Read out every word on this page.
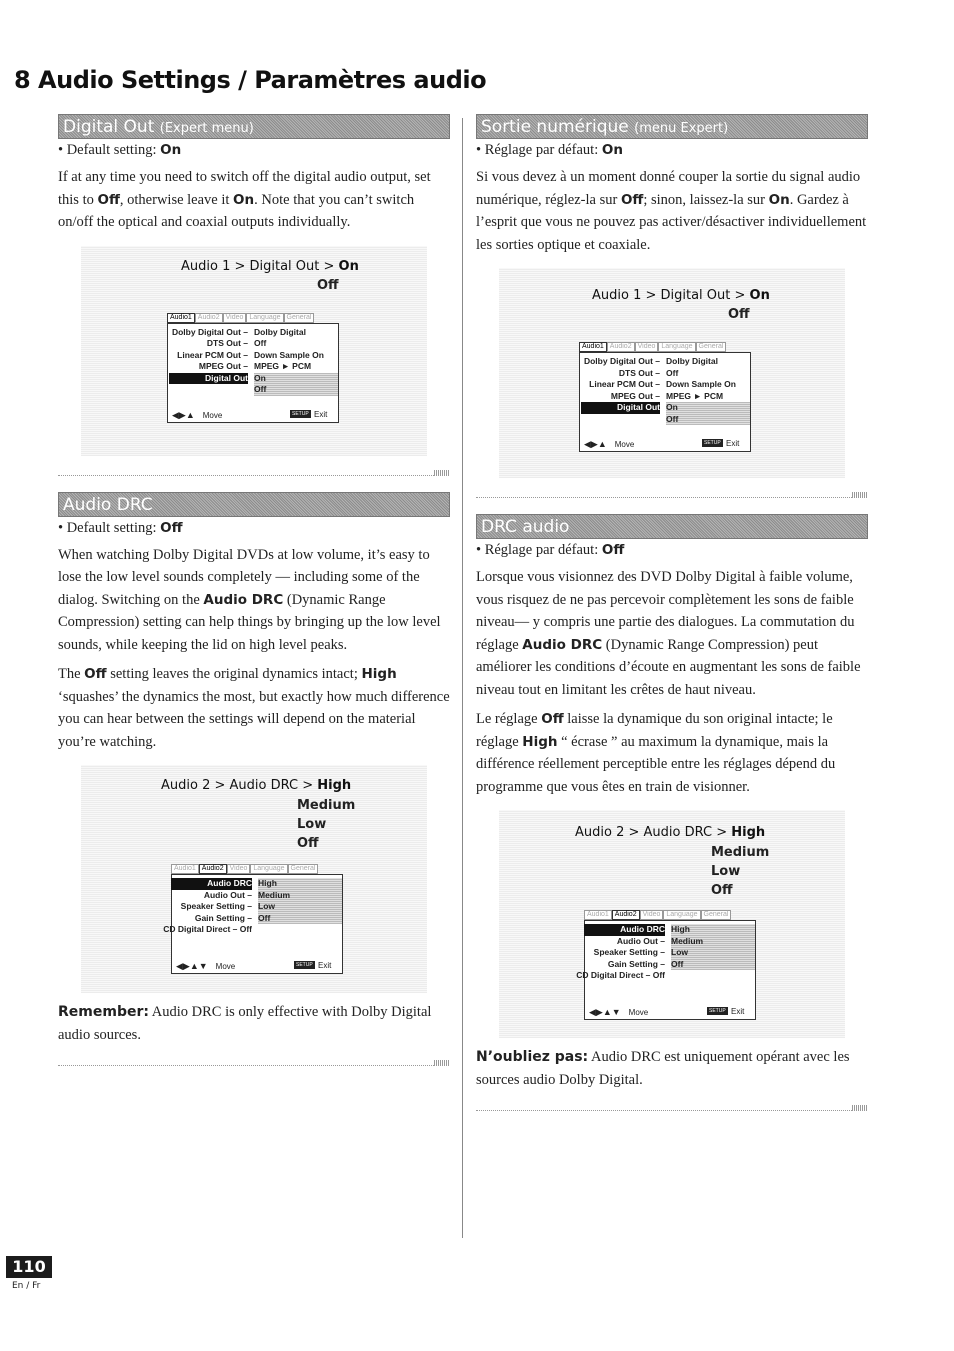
8 Audio Settings / Paramètres audio
Digital Out (Expert menu)
• Default setting: On

If at any time you need to switch off the digital audio output, set this to Off, otherwise leave it On. Note that you can’t switch on/off the optical and coaxial outputs individually.

Audio 1 > Digital Out > On
Off
Audio1 Audio2 Video Language General
Dolby Digital Out – Dolby Digital
DTS Out – Off
Linear PCM Out – Down Sample On
MPEG Out – MPEG ► PCM
Digital Out On
Off
◀▶▲ Move	SETUP Exit
Audio DRC
• Default setting: Off

When watching Dolby Digital DVDs at low volume, it’s easy to lose the low level sounds completely — including some of the dialog. Switching on the Audio DRC (Dynamic Range Compression) setting can help things by bringing up the low level sounds, while keeping the lid on high level peaks.

The Off setting leaves the original dynamics intact; High ‘squashes’ the dynamics the most, but exactly how much difference you can hear between the settings will depend on the material you’re watching.

Audio 2 > Audio DRC > High
Medium
Low
Off
Audio1 Audio2 Video Language General
Audio DRC High
Audio Out – Medium
Speaker Setting – Low
Gain Setting – Off
CD Digital Direct – Off
◀▶▲▼ Move	SETUP Exit

Remember: Audio DRC is only effective with Dolby Digital audio sources.

Sortie numérique (menu Expert)
• Réglage par défaut: On

Si vous devez à un moment donné couper la sortie du signal audio numérique, réglez-la sur Off; sinon, laissez-la sur On. Gardez à l’esprit que vous ne pouvez pas activer/désactiver individuellement les sorties optique et coaxiale.

Audio 1 > Digital Out > On
Off
Audio1 Audio2 Video Language General
Dolby Digital Out – Dolby Digital
DTS Out – Off
Linear PCM Out – Down Sample On
MPEG Out – MPEG ► PCM
Digital Out On
Off
◀▶▲ Move	SETUP Exit
DRC audio
• Réglage par défaut: Off

Lorsque vous visionnez des DVD Dolby Digital à faible volume, vous risquez de ne pas percevoir complètement les sons de faible niveau— y compris une partie des dialogues. La commutation du réglage Audio DRC (Dynamic Range Compression) peut améliorer les conditions d’écoute en augmentant les sons de faible niveau tout en limitant les crêtes de haut niveau.

Le réglage Off laisse la dynamique du son original intacte; le réglage High “ écrase ” au maximum la dynamique, mais la différence réellement perceptible entre les réglages dépend du programme que vous êtes en train de visionner.

Audio 2 > Audio DRC > High
Medium
Low
Off
Audio1 Audio2 Video Language General
Audio DRC High
Audio Out – Medium
Speaker Setting – Low
Gain Setting – Off
CD Digital Direct – Off
◀▶▲▼ Move	SETUP Exit

N’oubliez pas: Audio DRC est uniquement opérant avec les sources audio Dolby Digital.

110
En / Fr
